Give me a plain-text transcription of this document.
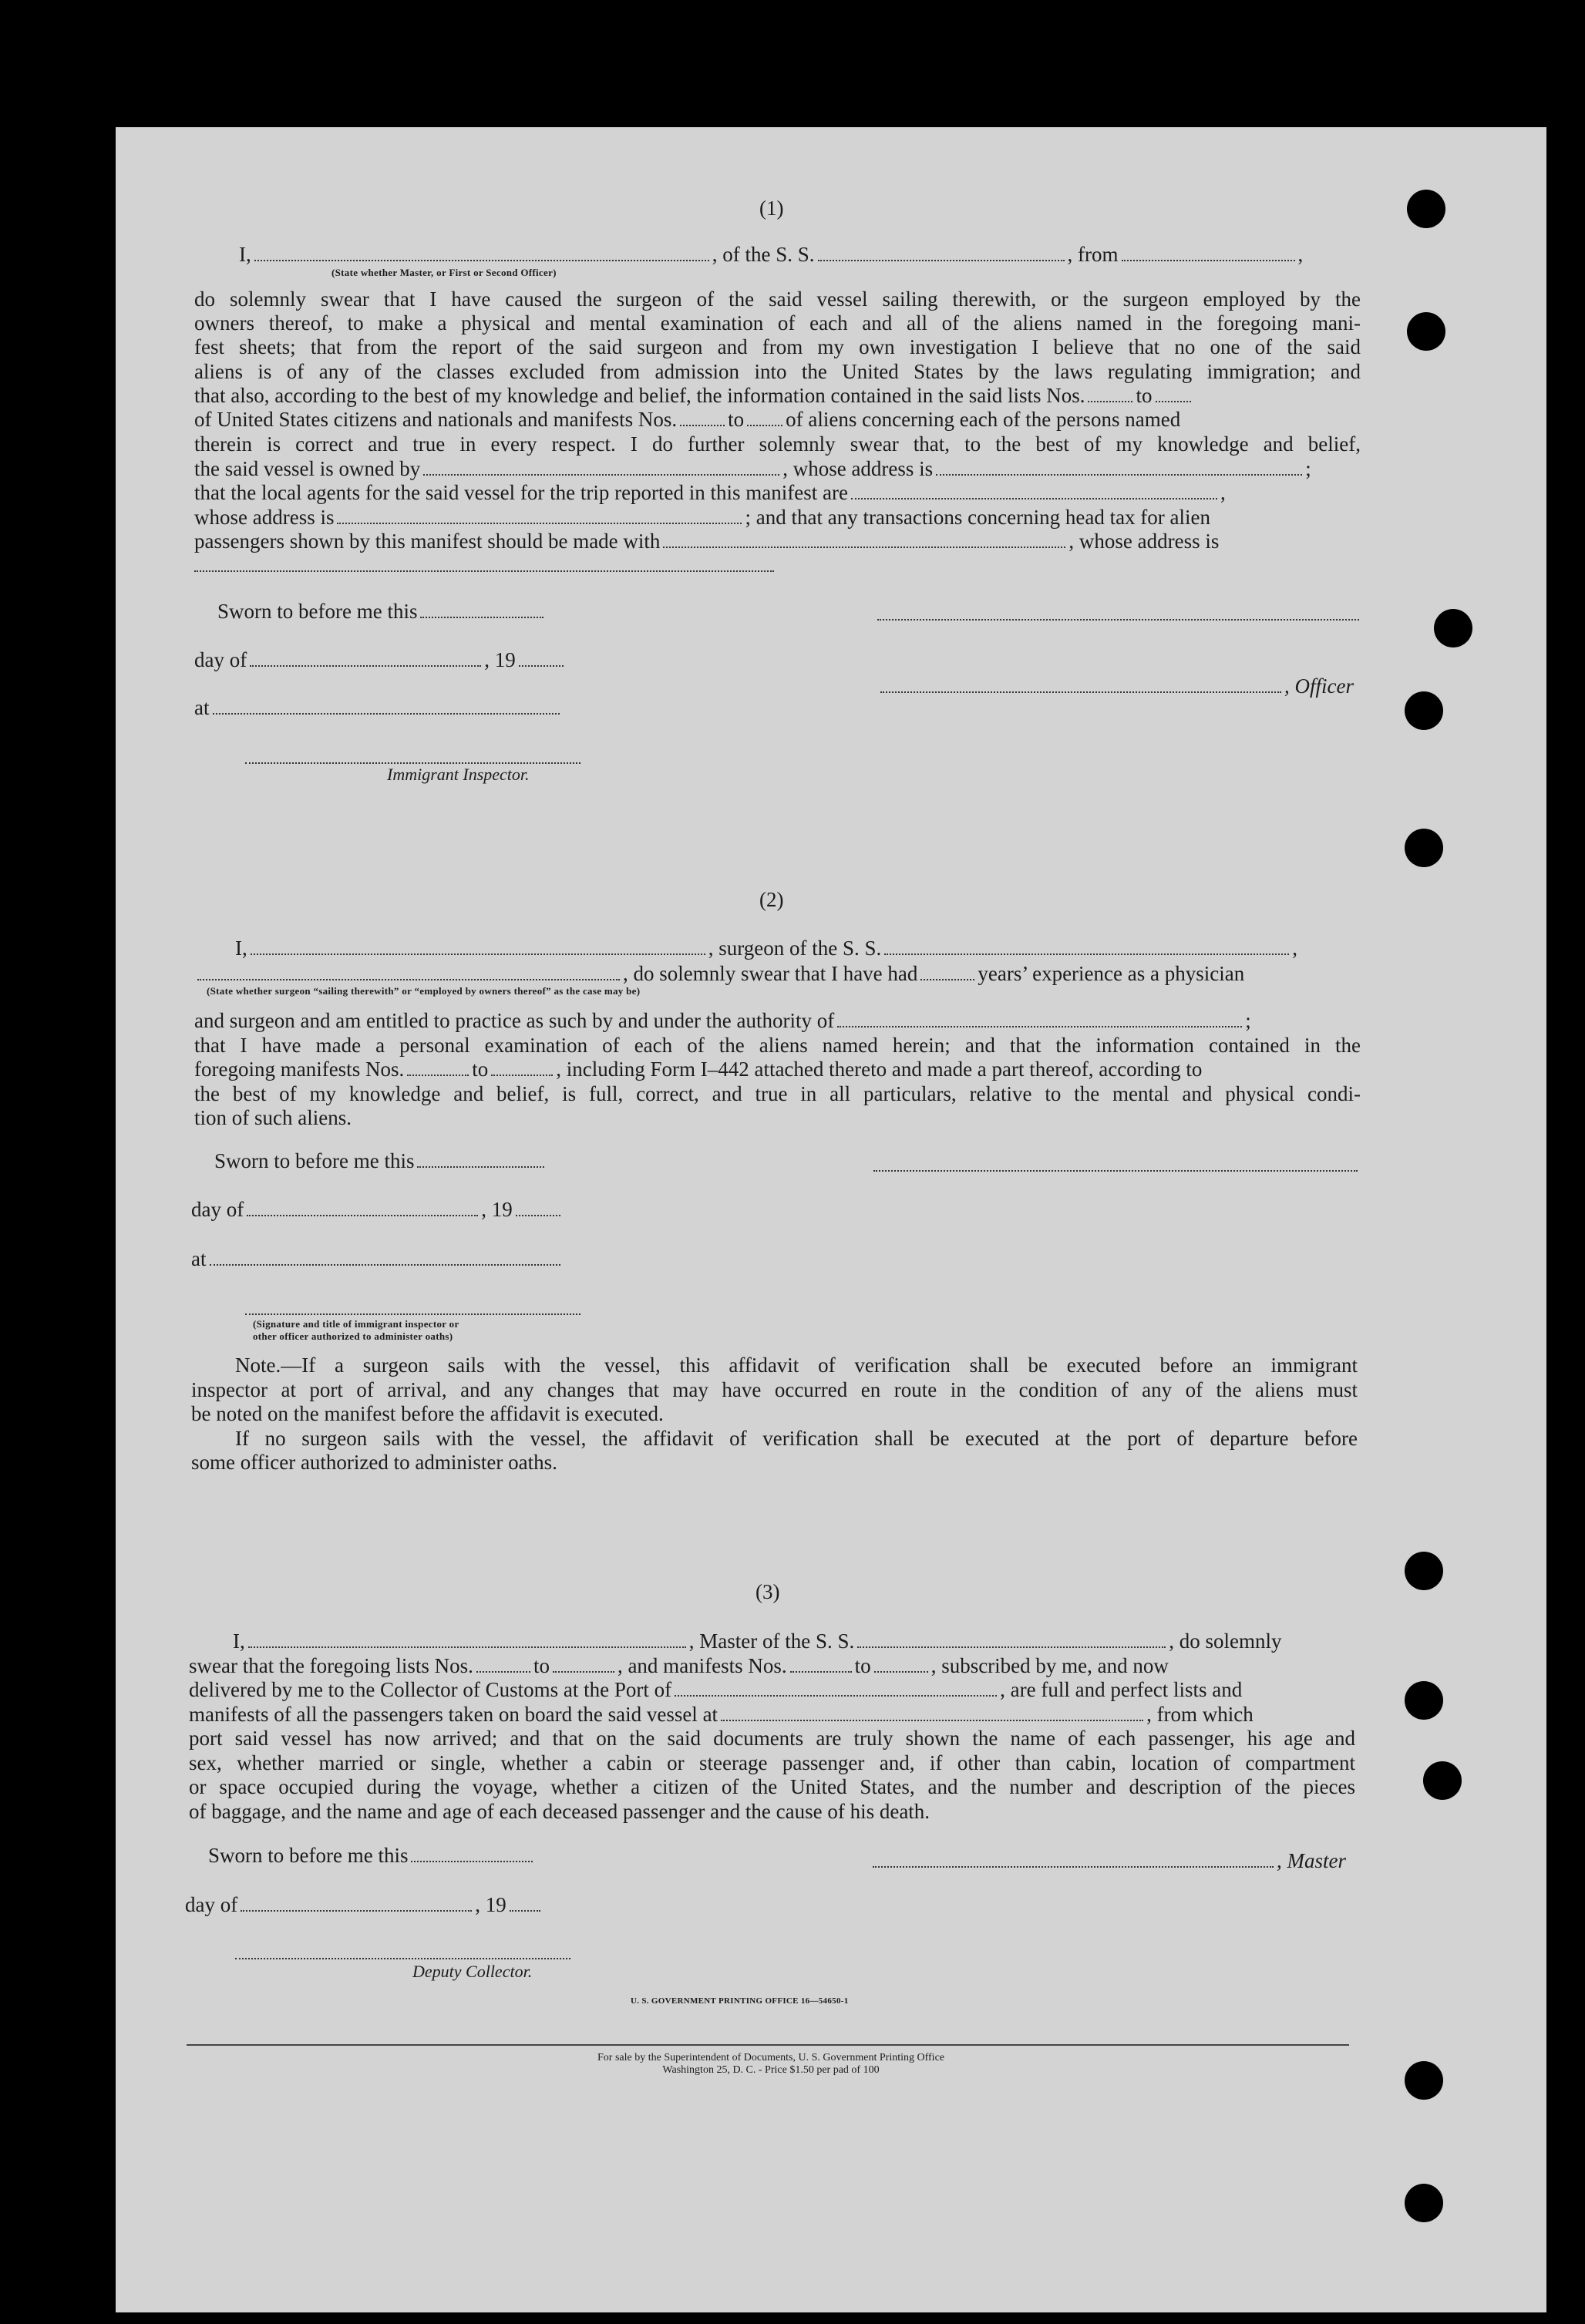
(1)
I,	, of the S. S.	, from	,
(State whether Master, or First or Second Officer)
do solemnly swear that I have caused the surgeon of the said vessel sailing therewith, or the surgeon employed by the
owners thereof, to make a physical and mental examination of each and all of the aliens named in the foregoing mani-
fest sheets; that from the report of the said surgeon and from my own investigation I believe that no one of the said
aliens is of any of the classes excluded from admission into the United States by the laws regulating immigration; and
that also, according to the best of my knowledge and belief, the information contained in the said lists Nos. to
of United States citizens and nationals and manifests Nos. to of aliens concerning each of the persons named
therein is correct and true in every respect. I do further solemnly swear that, to the best of my knowledge and belief,
the said vessel is owned by	, whose address is	;
that the local agents for the said vessel for the trip reported in this manifest are	,
whose address is	; and that any transactions concerning head tax for alien
passengers shown by this manifest should be made with	, whose address is
Sworn to before me this
day of	, 19
, Officer
at
Immigrant Inspector.
(2)
I,	, surgeon of the S. S.	,
, do solemnly swear that I have had	years’ experience as a physician
(State whether surgeon “sailing therewith” or “employed by owners thereof” as the case may be)
and surgeon and am entitled to practice as such by and under the authority of	;
that I have made a personal examination of each of the aliens named herein; and that the information contained in the
foregoing manifests Nos.	to	, including Form I–442 attached thereto and made a part thereof, according to
the best of my knowledge and belief, is full, correct, and true in all particulars, relative to the mental and physical condi-
tion of such aliens.
Sworn to before me this
day of	, 19
at
(Signature and title of immigrant inspector or
other officer authorized to administer oaths)
Note.—If a surgeon sails with the vessel, this affidavit of verification shall be executed before an immigrant
inspector at port of arrival, and any changes that may have occurred en route in the condition of any of the aliens must
be noted on the manifest before the affidavit is executed.
If no surgeon sails with the vessel, the affidavit of verification shall be executed at the port of departure before
some officer authorized to administer oaths.
(3)
I,	, Master of the S. S.	, do solemnly
swear that the foregoing lists Nos.	to	, and manifests Nos.	to	, subscribed by me, and now
delivered by me to the Collector of Customs at the Port of	, are full and perfect lists and
manifests of all the passengers taken on board the said vessel at	, from which
port said vessel has now arrived; and that on the said documents are truly shown the name of each passenger, his age and
sex, whether married or single, whether a cabin or steerage passenger and, if other than cabin, location of compartment
or space occupied during the voyage, whether a citizen of the United States, and the number and description of the pieces
of baggage, and the name and age of each deceased passenger and the cause of his death.
Sworn to before me this	, Master
day of	, 19
Deputy Collector.
U. S. GOVERNMENT PRINTING OFFICE 16—54650-1
For sale by the Superintendent of Documents, U. S. Government Printing Office
Washington 25, D. C. - Price $1.50 per pad of 100
